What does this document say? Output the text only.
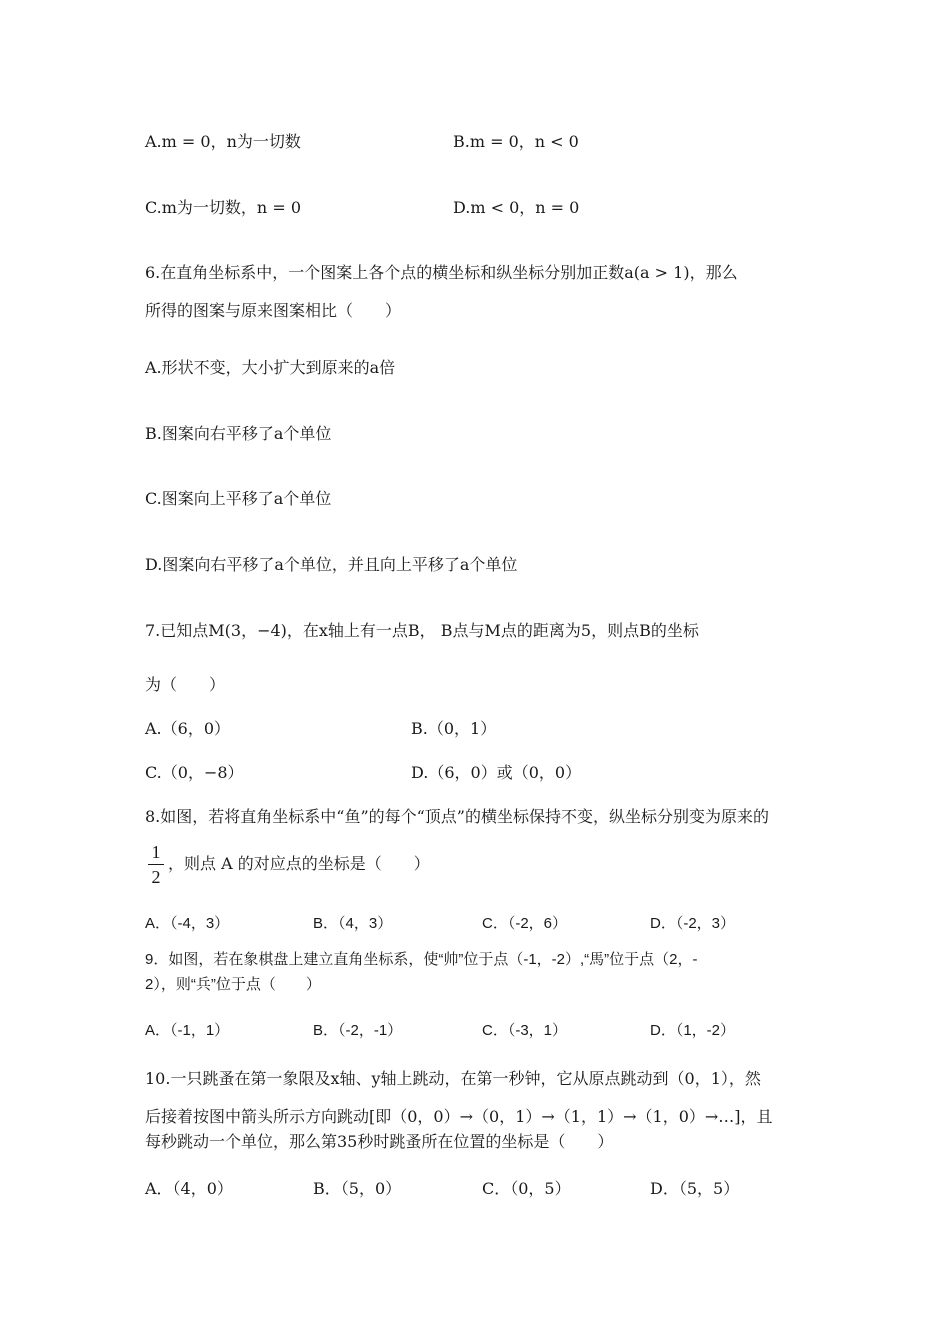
A.m = 0，n为一切数	B.m = 0，n < 0
C.m为一切数，n = 0	D.m < 0，n = 0
6.在直角坐标系中，一个图案上各个点的横坐标和纵坐标分别加正数a(a > 1)，那么
所得的图案与原来图案相比（　　）
A.形状不变，大小扩大到原来的a倍
B.图案向右平移了a个单位
C.图案向上平移了a个单位
D.图案向右平移了a个单位，并且向上平移了a个单位
7.已知点M(3，−4)，在x轴上有一点B， B点与M点的距离为5，则点B的坐标
为（　　）
A.（6，0）	B.（0，1）
C.（0，−8）	D.（6，0）或（0，0）
8.如图，若将直角坐标系中“鱼”的每个“顶点”的横坐标保持不变，纵坐标分别变为原来的
1
2
，则点 A 的对应点的坐标是（　　）
A．（-4，3）	B．（4，3）	C．（-2，6）	D．（-2，3）
9．如图，若在象棋盘上建立直角坐标系，使“帅”位于点（-1，-2）,“馬”位于点（2，-
2），则“兵”位于点（　　）
A．（-1，1）	B．（-2，-1）	C．（-3，1）	D．（1，-2）
10.一只跳蚤在第一象限及x轴、y轴上跳动，在第一秒钟，它从原点跳动到（0，1），然
后接着按图中箭头所示方向跳动[即（0，0）→（0，1）→（1，1）→（1，0）→…]，且
每秒跳动一个单位，那么第35秒时跳蚤所在位置的坐标是（　　）
A．（4，0）	B．（5，0）	C．（0，5）	D．（5，5）
